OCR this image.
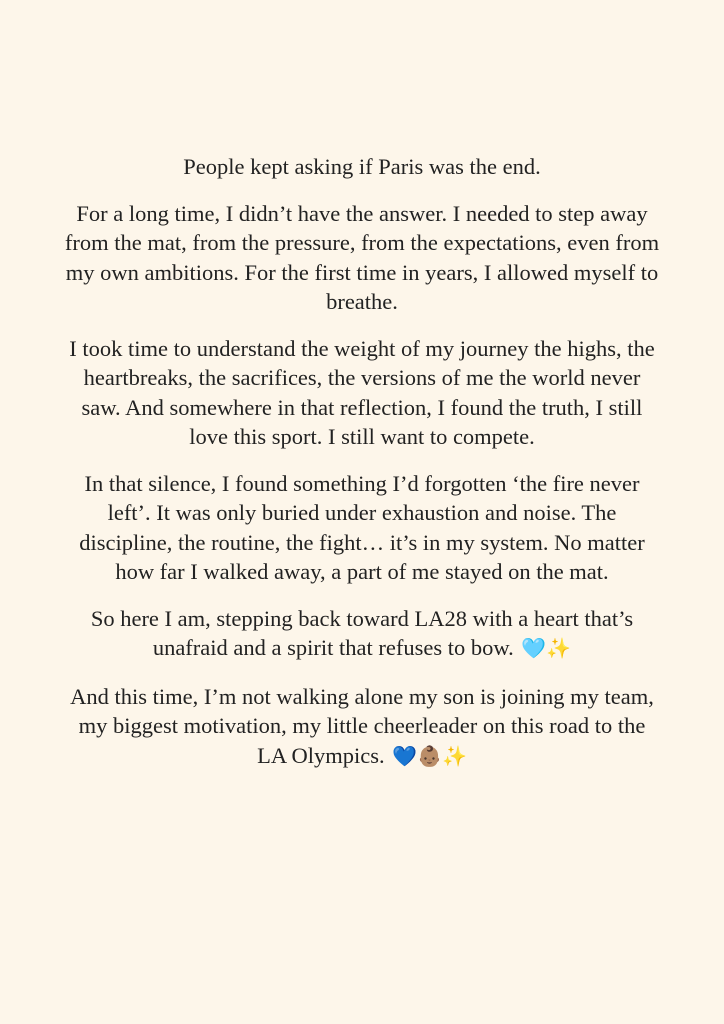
People kept asking if Paris was the end.

For a long time, I didn’t have the answer. I needed to step away from the mat, from the pressure, from the expectations, even from my own ambitions. For the first time in years, I allowed myself to breathe.

I took time to understand the weight of my journey the highs, the heartbreaks, the sacrifices, the versions of me the world never saw. And somewhere in that reflection, I found the truth, I still love this sport. I still want to compete.

In that silence, I found something I’d forgotten ‘the fire never left’. It was only buried under exhaustion and noise. The discipline, the routine, the fight… it’s in my system. No matter how far I walked away, a part of me stayed on the mat.

So here I am, stepping back toward LA28 with a heart that’s unafraid and a spirit that refuses to bow. 🩵✨

And this time, I’m not walking alone my son is joining my team, my biggest motivation, my little cheerleader on this road to the LA Olympics. 💙👶🏽✨
